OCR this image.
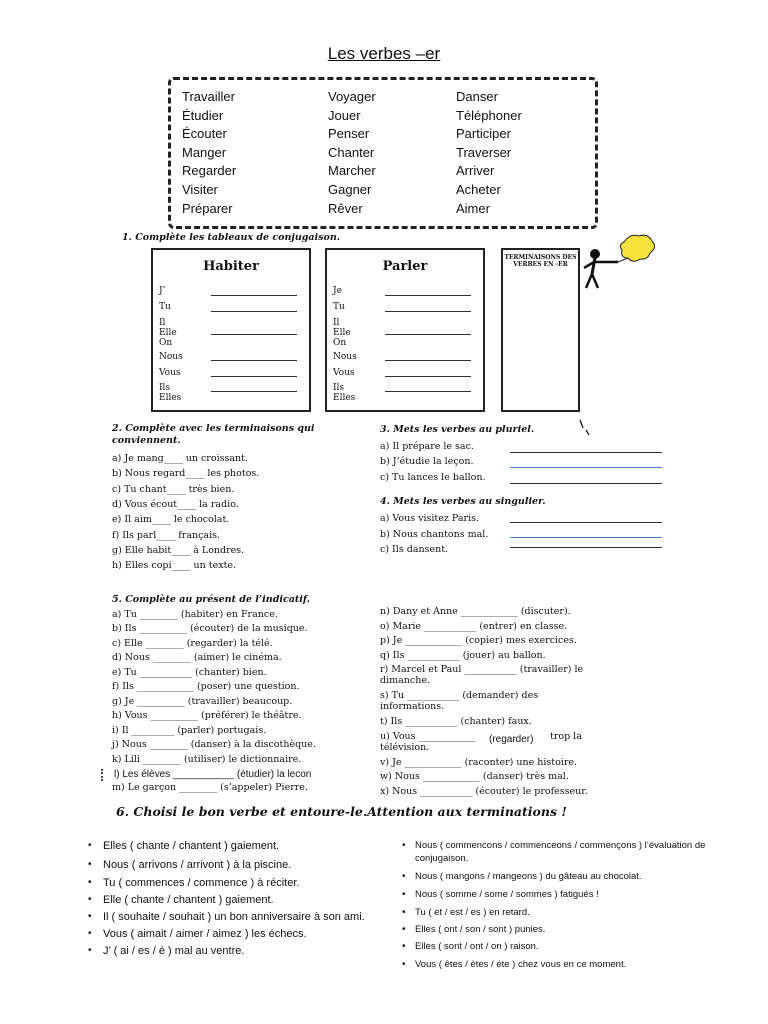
Les verbes –er
Travailler
Étudier
Écouter
Manger
Regarder
Visiter
Préparer
Voyager
Jouer
Penser
Chanter
Marcher
Gagner
Rêver
Danser
Téléphoner
Participer
Traverser
Arriver
Acheter
Aimer
1. Complète les tableaux de conjugaison.
Habiter
J’
Tu
Il
Elle
On
Nous
Vous
Ils
Elles
Parler
Je
Tu
Il
Elle
On
Nous
Vous
Ils
Elles
TERMINAISONS DES VERBES EN -ER
2. Complète avec les terminaisons qui conviennent.
a) Je mang____ un croissant.
b) Nous regard____ les photos.
c) Tu chant____ très bien.
d) Vous écout____ la radio.
e) Il aim____ le chocolat.
f) Ils parl____ français.
g) Elle habit____ à Londres.
h) Elles copi____ un texte.
3. Mets les verbes au pluriel.
a) Il prépare le sac.
b) J’étudie la leçon.
c) Tu lances le ballon.
4. Mets les verbes au singulier.
a) Vous visitez Paris.
b) Nous chantons mal.
c) Ils dansent.
5. Complète au présent de l’indicatif.
a) Tu ________ (habiter) en France.
b) Ils __________ (écouter) de la musique.
c) Elle ________ (regarder) la télé.
d) Nous ________ (aimer) le cinéma.
e) Tu ___________ (chanter) bien.
f) Ils ____________ (poser) une question.
g) Je __________ (travailler) beaucoup.
h) Vous __________ (préférer) le théâtre.
i) Il _________ (parler) portugais.
j) Nous ________ (danser) à la discothèque.
k) Lili ________ (utiliser) le dictionnaire.
l) Les élèves ___________ (étudier) la lecon
m) Le garçon ________ (s’appeler) Pierre.
n) Dany et Anne ____________ (discuter).
o) Marie ___________ (entrer) en classe.
p) Je ____________ (copier) mes exercices.
q) Ils ___________ (jouer) au ballon.
r) Marcel et Paul ___________ (travailler) le
dimanche.
s) Tu ___________ (demander) des
informations.
t) Ils ___________ (chanter) faux.
u) Vous ____________ (regarder) trop la
télévision.
v) Je ____________ (raconter) une histoire.
w) Nous ____________ (danser) très mal.
x) Nous ___________ (écouter) le professeur.
6. Choisi le bon verbe et entoure-le.Attention aux terminations !
• Elles ( chante / chantent ) gaiement.
• Nous ( arrivons / arrivont ) à la piscine.
• Tu ( commences / commence ) à réciter.
• Elle ( chante / chantent ) gaiement.
• Il ( souhaite / souhait ) un bon anniversaire à son ami.
• Vous ( aimait / aimer / aimez ) les échecs.
• J’ ( ai / es / é ) mal au ventre.
• Nous ( commencons / commenceons / commençons ) l’évaluation de
conjugaison.
• Nous ( mangons / mangeons ) du gâteau au chocolat.
• Nous ( somme / some / sommes ) fatigués !
• Tu ( et / est / es ) en retard.
• Elles ( ont / son / sont ) punies.
• Elles ( sont / ont / on ) raison.
• Vous ( êtes / ètes / éte ) chez vous en ce moment.
